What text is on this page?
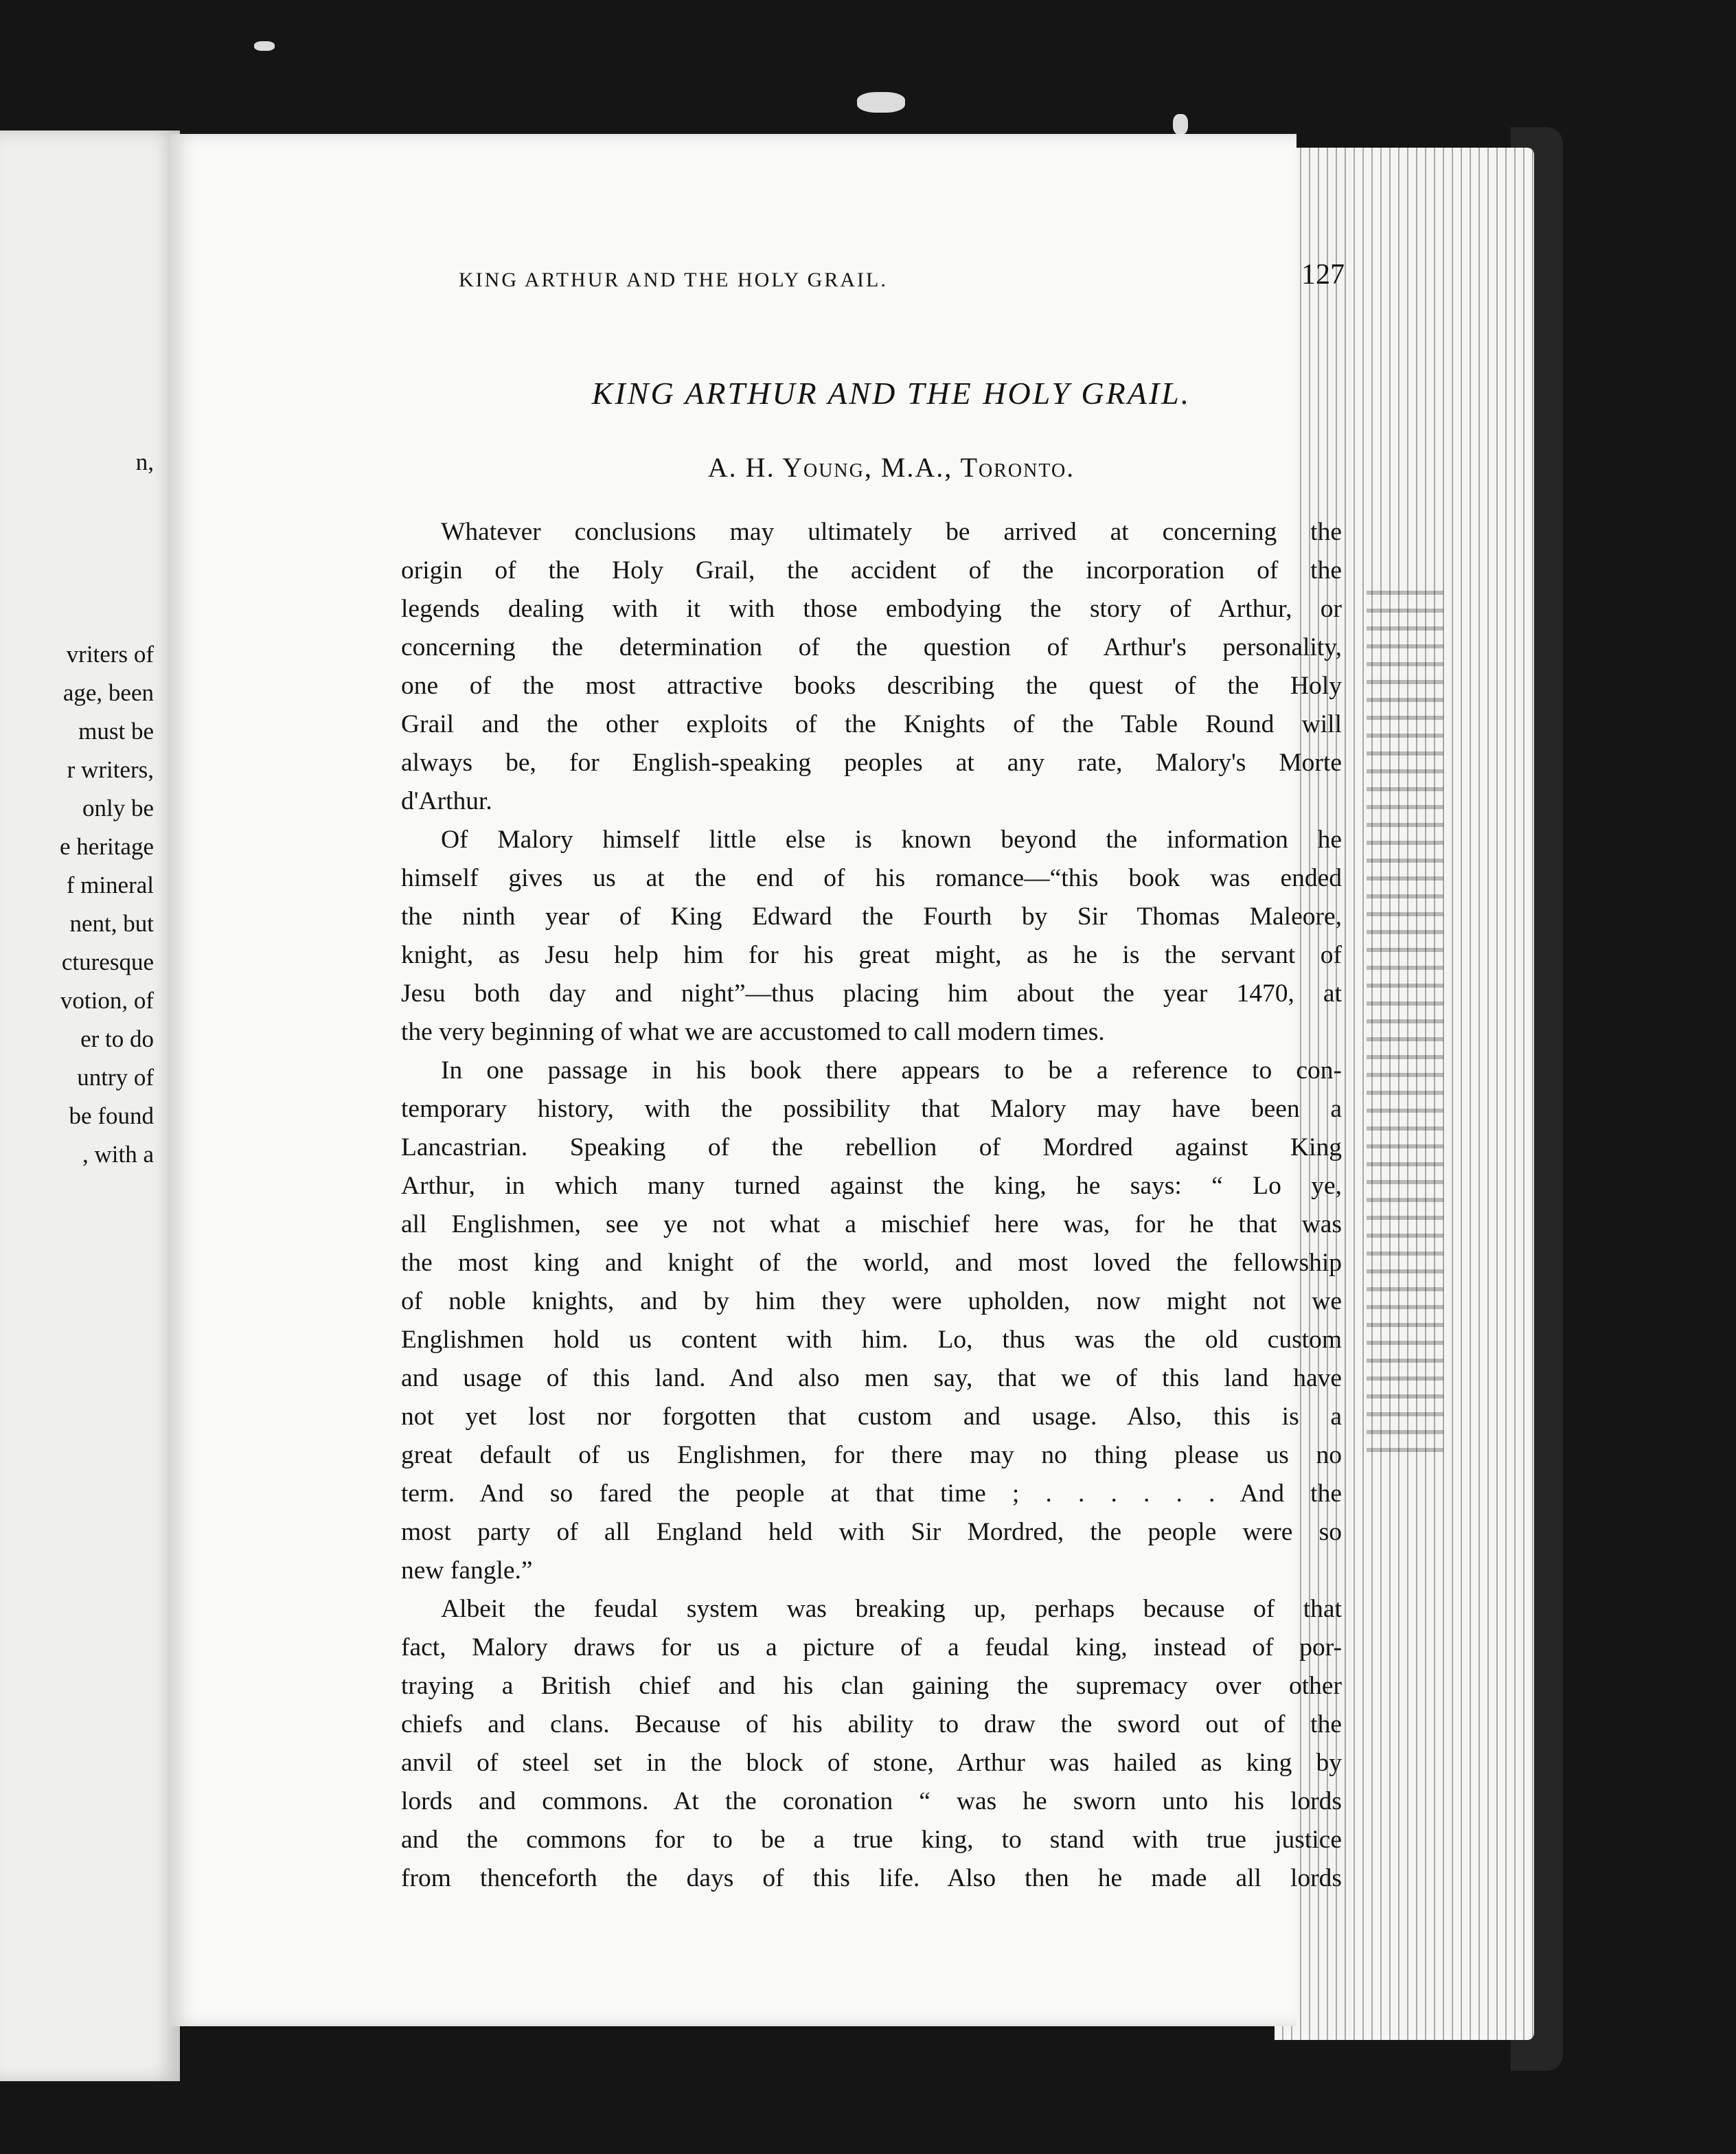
n,

vriters of

age, been

must be

r writers,

only be

e heritage

f mineral

nent, but

cturesque

votion, of

er to do

untry of

be found

, with a

KING ARTHUR AND THE HOLY GRAIL.	127
KING ARTHUR AND THE HOLY GRAIL.

A. H. Young, M.A., Toronto.

Whatever conclusions may ultimately be arrived at concerning the

origin of the Holy Grail, the accident of the incorporation of the

legends dealing with it with those embodying the story of Arthur, or

concerning the determination of the question of Arthur's personality,

one of the most attractive books describing the quest of the Holy

Grail and the other exploits of the Knights of the Table Round will

always be, for English-speaking peoples at any rate, Malory's Morte

d'Arthur.

Of Malory himself little else is known beyond the information he

himself gives us at the end of his romance—“this book was ended

the ninth year of King Edward the Fourth by Sir Thomas Maleore,

knight, as Jesu help him for his great might, as he is the servant of

Jesu both day and night”—thus placing him about the year 1470, at

the very beginning of what we are accustomed to call modern times.

In one passage in his book there appears to be a reference to con-

temporary history, with the possibility that Malory may have been a

Lancastrian. Speaking of the rebellion of Mordred against King

Arthur, in which many turned against the king, he says: “ Lo ye,

all Englishmen, see ye not what a mischief here was, for he that was

the most king and knight of the world, and most loved the fellowship

of noble knights, and by him they were upholden, now might not we

Englishmen hold us content with him. Lo, thus was the old custom

and usage of this land. And also men say, that we of this land have

not yet lost nor forgotten that custom and usage. Also, this is a

great default of us Englishmen, for there may no thing please us no

term. And so fared the people at that time ; . . . . . . And the

most party of all England held with Sir Mordred, the people were so

new fangle.”

Albeit the feudal system was breaking up, perhaps because of that

fact, Malory draws for us a picture of a feudal king, instead of por-

traying a British chief and his clan gaining the supremacy over other

chiefs and clans. Because of his ability to draw the sword out of the

anvil of steel set in the block of stone, Arthur was hailed as king by

lords and commons. At the coronation “ was he sworn unto his lords

and the commons for to be a true king, to stand with true justice

from thenceforth the days of this life. Also then he made all lords
